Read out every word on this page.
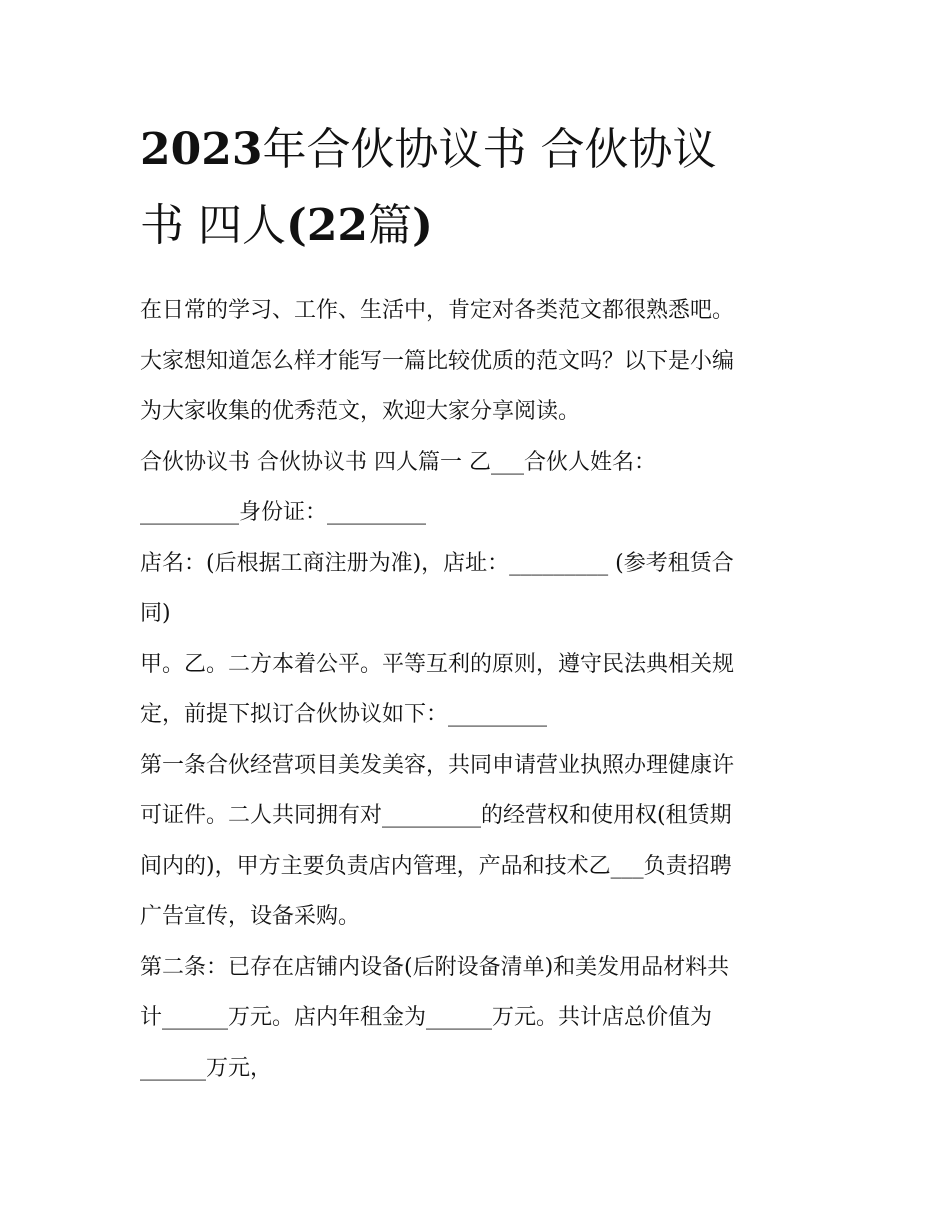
2023年合伙协议书 合伙协议
书 四人(22篇)

在日常的学习、工作、生活中，肯定对各类范文都很熟悉吧。
大家想知道怎么样才能写一篇比较优质的范文吗？以下是小编
为大家收集的优秀范文，欢迎大家分享阅读。

合伙协议书 合伙协议书 四人篇一 乙___合伙人姓名：
_________身份证：_________

店名：(后根据工商注册为准)，店址：_________ (参考租赁合
同)

甲。乙。二方本着公平。平等互利的原则，遵守民法典相关规
定，前提下拟订合伙协议如下：_________

第一条合伙经营项目美发美容，共同申请营业执照办理健康许
可证件。二人共同拥有对_________的经营权和使用权(租赁期
间内的)，甲方主要负责店内管理，产品和技术乙___负责招聘
广告宣传，设备采购。

第二条：已存在店铺内设备(后附设备清单)和美发用品材料共
计______万元。店内年租金为______万元。共计店总价值为
______万元，
